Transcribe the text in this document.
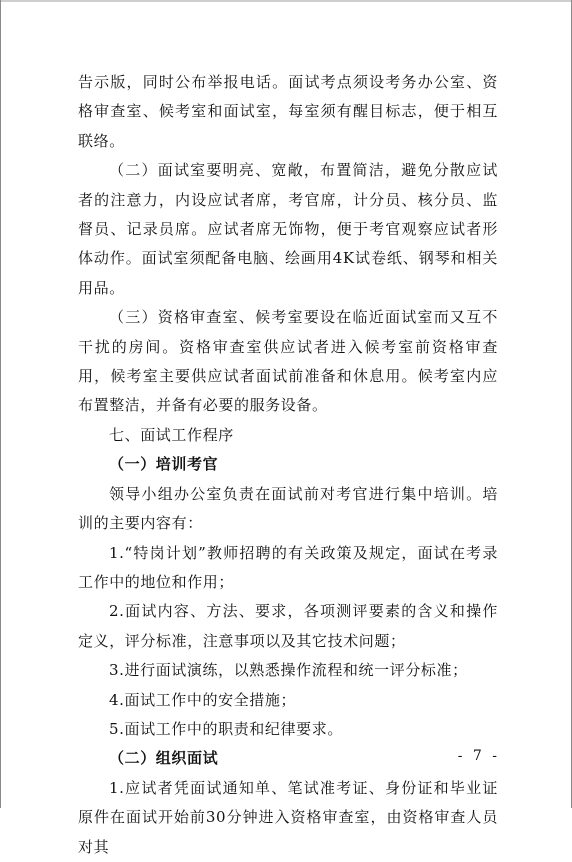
告示版，同时公布举报电话。面试考点须设考务办公室、资格审查室、候考室和面试室，每室须有醒目标志，便于相互联络。

（二）面试室要明亮、宽敞，布置简洁，避免分散应试者的注意力，内设应试者席，考官席，计分员、核分员、监督员、记录员席。应试者席无饰物，便于考官观察应试者形体动作。面试室须配备电脑、绘画用4K试卷纸、钢琴和相关用品。

（三）资格审查室、候考室要设在临近面试室而又互不干扰的房间。资格审查室供应试者进入候考室前资格审查用，候考室主要供应试者面试前准备和休息用。候考室内应布置整洁，并备有必要的服务设备。

七、面试工作程序

（一）培训考官

领导小组办公室负责在面试前对考官进行集中培训。培训的主要内容有：

1.“特岗计划”教师招聘的有关政策及规定，面试在考录工作中的地位和作用；

2.面试内容、方法、要求，各项测评要素的含义和操作定义，评分标准，注意事项以及其它技术问题；

3.进行面试演练，以熟悉操作流程和统一评分标准；

4.面试工作中的安全措施；

5.面试工作中的职责和纪律要求。

（二）组织面试

1.应试者凭面试通知单、笔试准考证、身份证和毕业证原件在面试开始前30分钟进入资格审查室，由资格审查人员对其

- 7 -
